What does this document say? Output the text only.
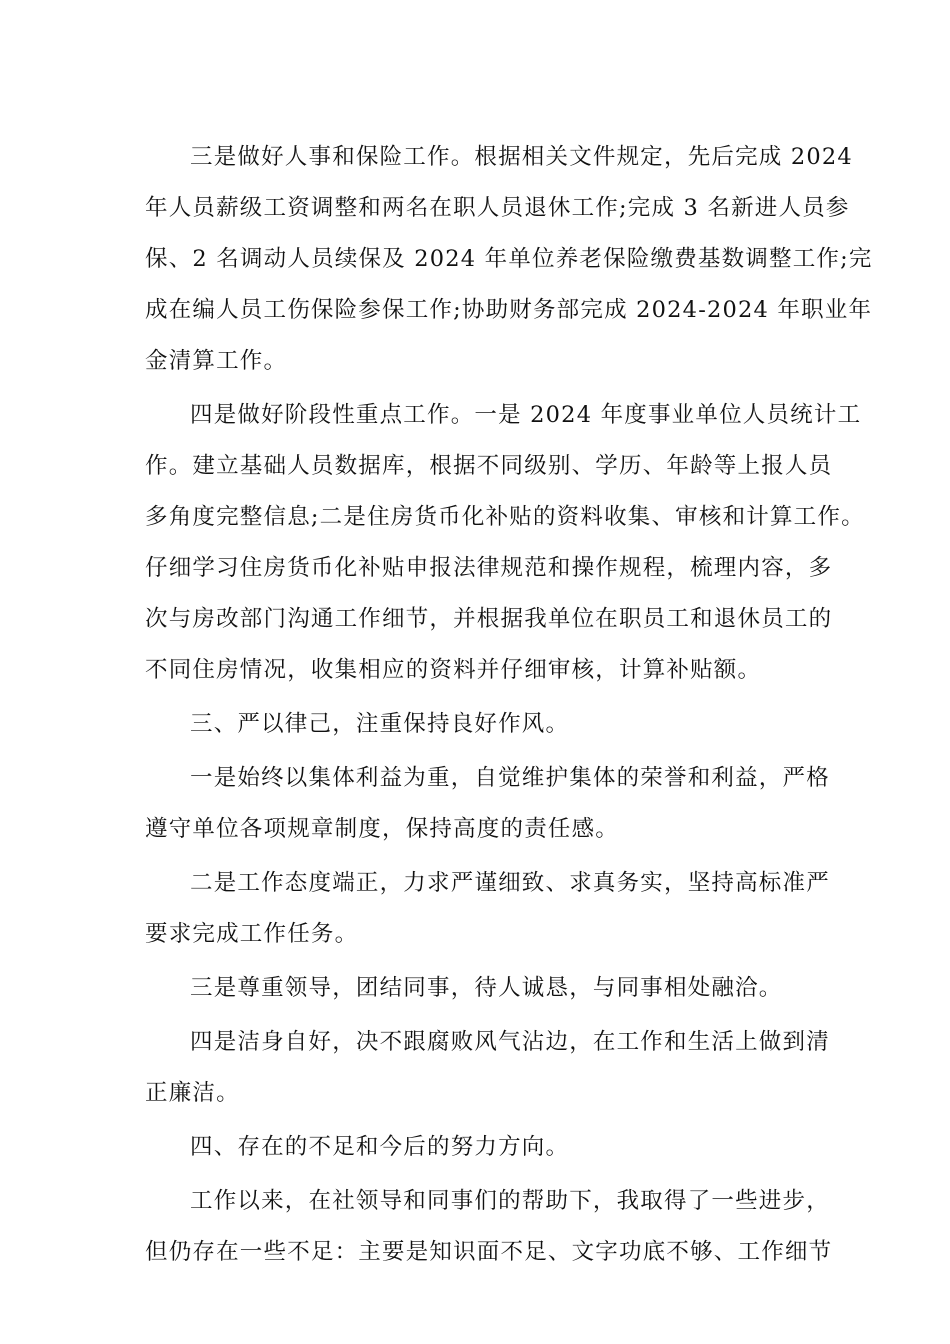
三是做好人事和保险工作。根据相关文件规定，先后完成 2024
年人员薪级工资调整和两名在职人员退休工作;完成 3 名新进人员参
保、2 名调动人员续保及 2024 年单位养老保险缴费基数调整工作;完
成在编人员工伤保险参保工作;协助财务部完成 2024-2024 年职业年
金清算工作。
四是做好阶段性重点工作。一是 2024 年度事业单位人员统计工
作。建立基础人员数据库，根据不同级别、学历、年龄等上报人员
多角度完整信息;二是住房货币化补贴的资料收集、审核和计算工作。
仔细学习住房货币化补贴申报法律规范和操作规程，梳理内容，多
次与房改部门沟通工作细节，并根据我单位在职员工和退休员工的
不同住房情况，收集相应的资料并仔细审核，计算补贴额。
三、严以律己，注重保持良好作风。
一是始终以集体利益为重，自觉维护集体的荣誉和利益，严格
遵守单位各项规章制度，保持高度的责任感。
二是工作态度端正，力求严谨细致、求真务实，坚持高标准严
要求完成工作任务。
三是尊重领导，团结同事，待人诚恳，与同事相处融洽。
四是洁身自好，决不跟腐败风气沾边，在工作和生活上做到清
正廉洁。
四、存在的不足和今后的努力方向。
工作以来，在社领导和同事们的帮助下，我取得了一些进步，
但仍存在一些不足：主要是知识面不足、文字功底不够、工作细节
